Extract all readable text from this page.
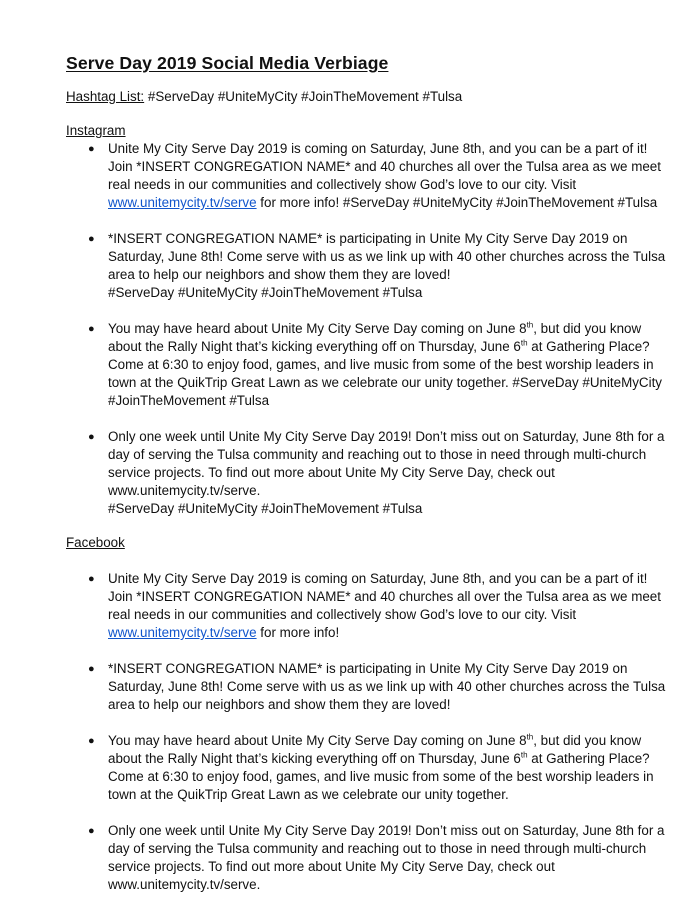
Serve Day 2019 Social Media Verbiage

Hashtag List: #ServeDay #UniteMyCity #JoinTheMovement #Tulsa

Instagram

● Unite My City Serve Day 2019 is coming on Saturday, June 8th, and you can be a part of it!
Join *INSERT CONGREGATION NAME* and 40 churches all over the Tulsa area as we meet
real needs in our communities and collectively show God’s love to our city. Visit
www.unitemycity.tv/serve for more info! #ServeDay #UniteMyCity #JoinTheMovement #Tulsa
● *INSERT CONGREGATION NAME* is participating in Unite My City Serve Day 2019 on
Saturday, June 8th! Come serve with us as we link up with 40 other churches across the Tulsa
area to help our neighbors and show them they are loved!
#ServeDay #UniteMyCity #JoinTheMovement #Tulsa
● You may have heard about Unite My City Serve Day coming on June 8th, but did you know
about the Rally Night that’s kicking everything off on Thursday, June 6th at Gathering Place?
Come at 6:30 to enjoy food, games, and live music from some of the best worship leaders in
town at the QuikTrip Great Lawn as we celebrate our unity together. #ServeDay #UniteMyCity
#JoinTheMovement #Tulsa
● Only one week until Unite My City Serve Day 2019! Don’t miss out on Saturday, June 8th for a
day of serving the Tulsa community and reaching out to those in need through multi-church
service projects. To find out more about Unite My City Serve Day, check out
www.unitemycity.tv/serve.
#ServeDay #UniteMyCity #JoinTheMovement #Tulsa

Facebook

● Unite My City Serve Day 2019 is coming on Saturday, June 8th, and you can be a part of it!
Join *INSERT CONGREGATION NAME* and 40 churches all over the Tulsa area as we meet
real needs in our communities and collectively show God’s love to our city. Visit
www.unitemycity.tv/serve for more info!
● *INSERT CONGREGATION NAME* is participating in Unite My City Serve Day 2019 on
Saturday, June 8th! Come serve with us as we link up with 40 other churches across the Tulsa
area to help our neighbors and show them they are loved!
● You may have heard about Unite My City Serve Day coming on June 8th, but did you know
about the Rally Night that’s kicking everything off on Thursday, June 6th at Gathering Place?
Come at 6:30 to enjoy food, games, and live music from some of the best worship leaders in
town at the QuikTrip Great Lawn as we celebrate our unity together.
● Only one week until Unite My City Serve Day 2019! Don’t miss out on Saturday, June 8th for a
day of serving the Tulsa community and reaching out to those in need through multi-church
service projects. To find out more about Unite My City Serve Day, check out
www.unitemycity.tv/serve.
